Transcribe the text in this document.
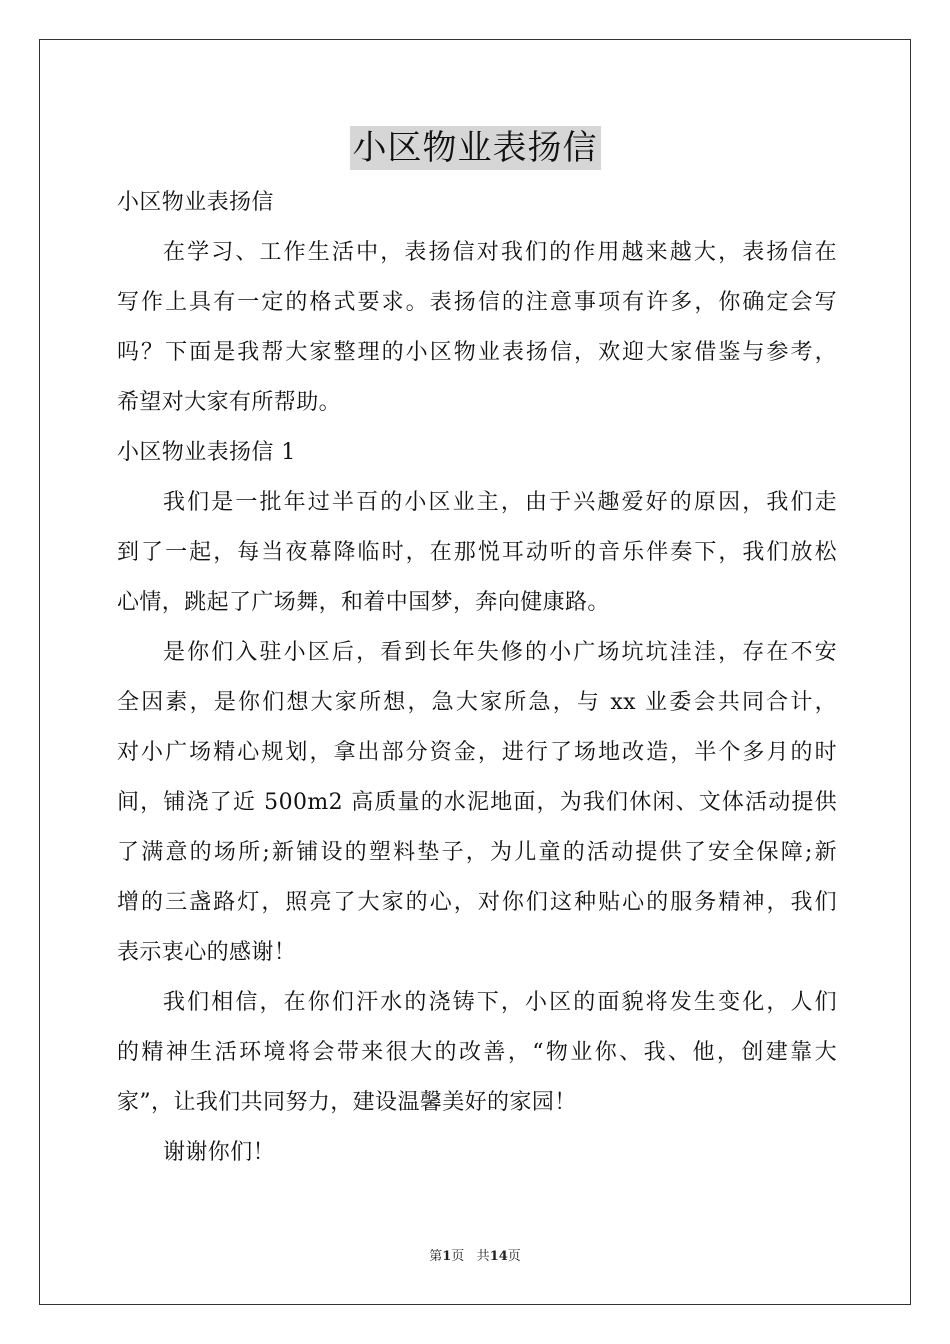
小区物业表扬信
小区物业表扬信
在学习、工作生活中，表扬信对我们的作用越来越大，表扬信在
写作上具有一定的格式要求。表扬信的注意事项有许多，你确定会写
吗？下面是我帮大家整理的小区物业表扬信，欢迎大家借鉴与参考，
希望对大家有所帮助。
小区物业表扬信 1
我们是一批年过半百的小区业主，由于兴趣爱好的原因，我们走
到了一起，每当夜幕降临时，在那悦耳动听的音乐伴奏下，我们放松
心情，跳起了广场舞，和着中国梦，奔向健康路。
是你们入驻小区后，看到长年失修的小广场坑坑洼洼，存在不安
全因素，是你们想大家所想，急大家所急，与 xx 业委会共同合计，
对小广场精心规划，拿出部分资金，进行了场地改造，半个多月的时
间，铺浇了近 500m2 高质量的水泥地面，为我们休闲、文体活动提供
了满意的场所;新铺设的塑料垫子，为儿童的活动提供了安全保障;新
增的三盏路灯，照亮了大家的心，对你们这种贴心的服务精神，我们
表示衷心的感谢！
我们相信，在你们汗水的浇铸下，小区的面貌将发生变化，人们
的精神生活环境将会带来很大的改善，“物业你、我、他，创建靠大
家”，让我们共同努力，建设温馨美好的家园！
谢谢你们！
第1页 共14页
